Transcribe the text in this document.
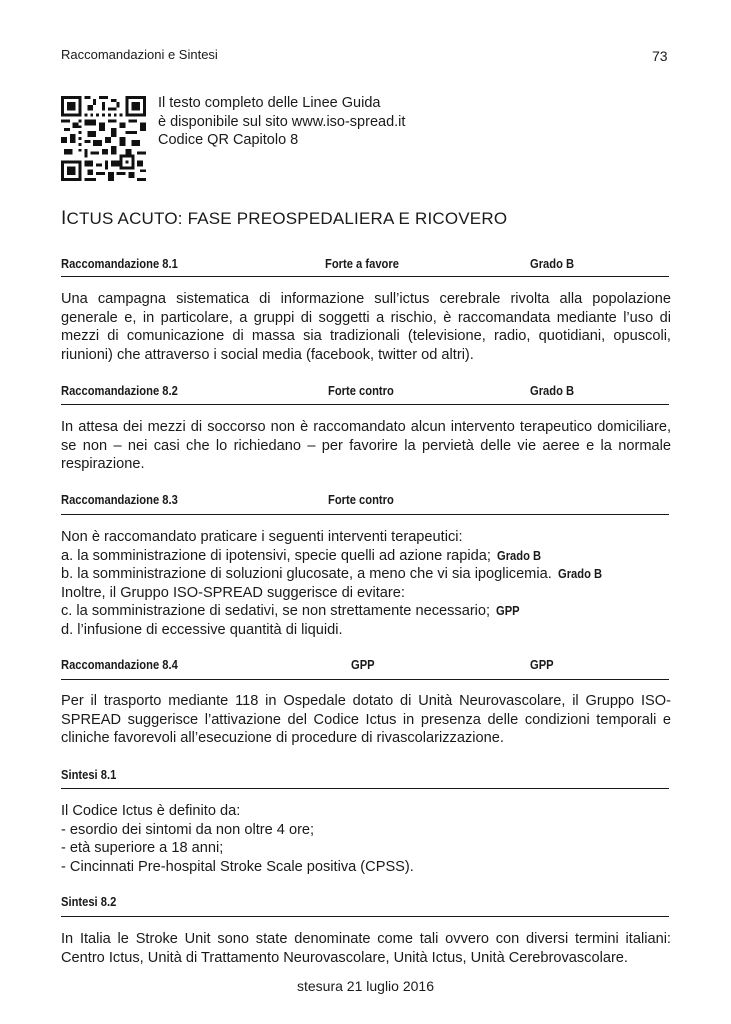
Raccomandazioni e Sintesi	73
Il testo completo delle Linee Guida
è disponibile sul sito www.iso-spread.it
Codice QR Capitolo 8
ICTUS ACUTO: FASE PREOSPEDALIERA E RICOVERO
Raccomandazione 8.1	Forte a favore	Grado B
Una campagna sistematica di informazione sull’ictus cerebrale rivolta alla popolazione generale e, in particolare, a gruppi di soggetti a rischio, è raccomandata mediante l’uso di mezzi di comunicazione di massa sia tradizionali (televisione, radio, quotidiani, opuscoli, riunioni) che attraverso i social media (facebook, twitter od altri).
Raccomandazione 8.2	Forte contro	Grado B
In attesa dei mezzi di soccorso non è raccomandato alcun intervento terapeutico domiciliare, se non – nei casi che lo richiedano – per favorire la pervietà delle vie aeree e la normale respirazione.
Raccomandazione 8.3	Forte contro
Non è raccomandato praticare i seguenti interventi terapeutici:
a. la somministrazione di ipotensivi, specie quelli ad azione rapida; Grado B
b. la somministrazione di soluzioni glucosate, a meno che vi sia ipoglicemia. Grado B
Inoltre, il Gruppo ISO-SPREAD suggerisce di evitare:
c. la somministrazione di sedativi, se non strettamente necessario; GPP
d. l’infusione di eccessive quantità di liquidi.
Raccomandazione 8.4	GPP	GPP
Per il trasporto mediante 118 in Ospedale dotato di Unità Neurovascolare, il Gruppo ISO-SPREAD suggerisce l’attivazione del Codice Ictus in presenza delle condizioni temporali e cliniche favorevoli all’esecuzione di procedure di rivascolarizzazione.
Sintesi 8.1
Il Codice Ictus è definito da:
- esordio dei sintomi da non oltre 4 ore;
- età superiore a 18 anni;
- Cincinnati Pre-hospital Stroke Scale positiva (CPSS).
Sintesi 8.2
In Italia le Stroke Unit sono state denominate come tali ovvero con diversi termini italiani: Centro Ictus, Unità di Trattamento Neurovascolare, Unità Ictus, Unità Cerebrovascolare.
stesura 21 luglio 2016
